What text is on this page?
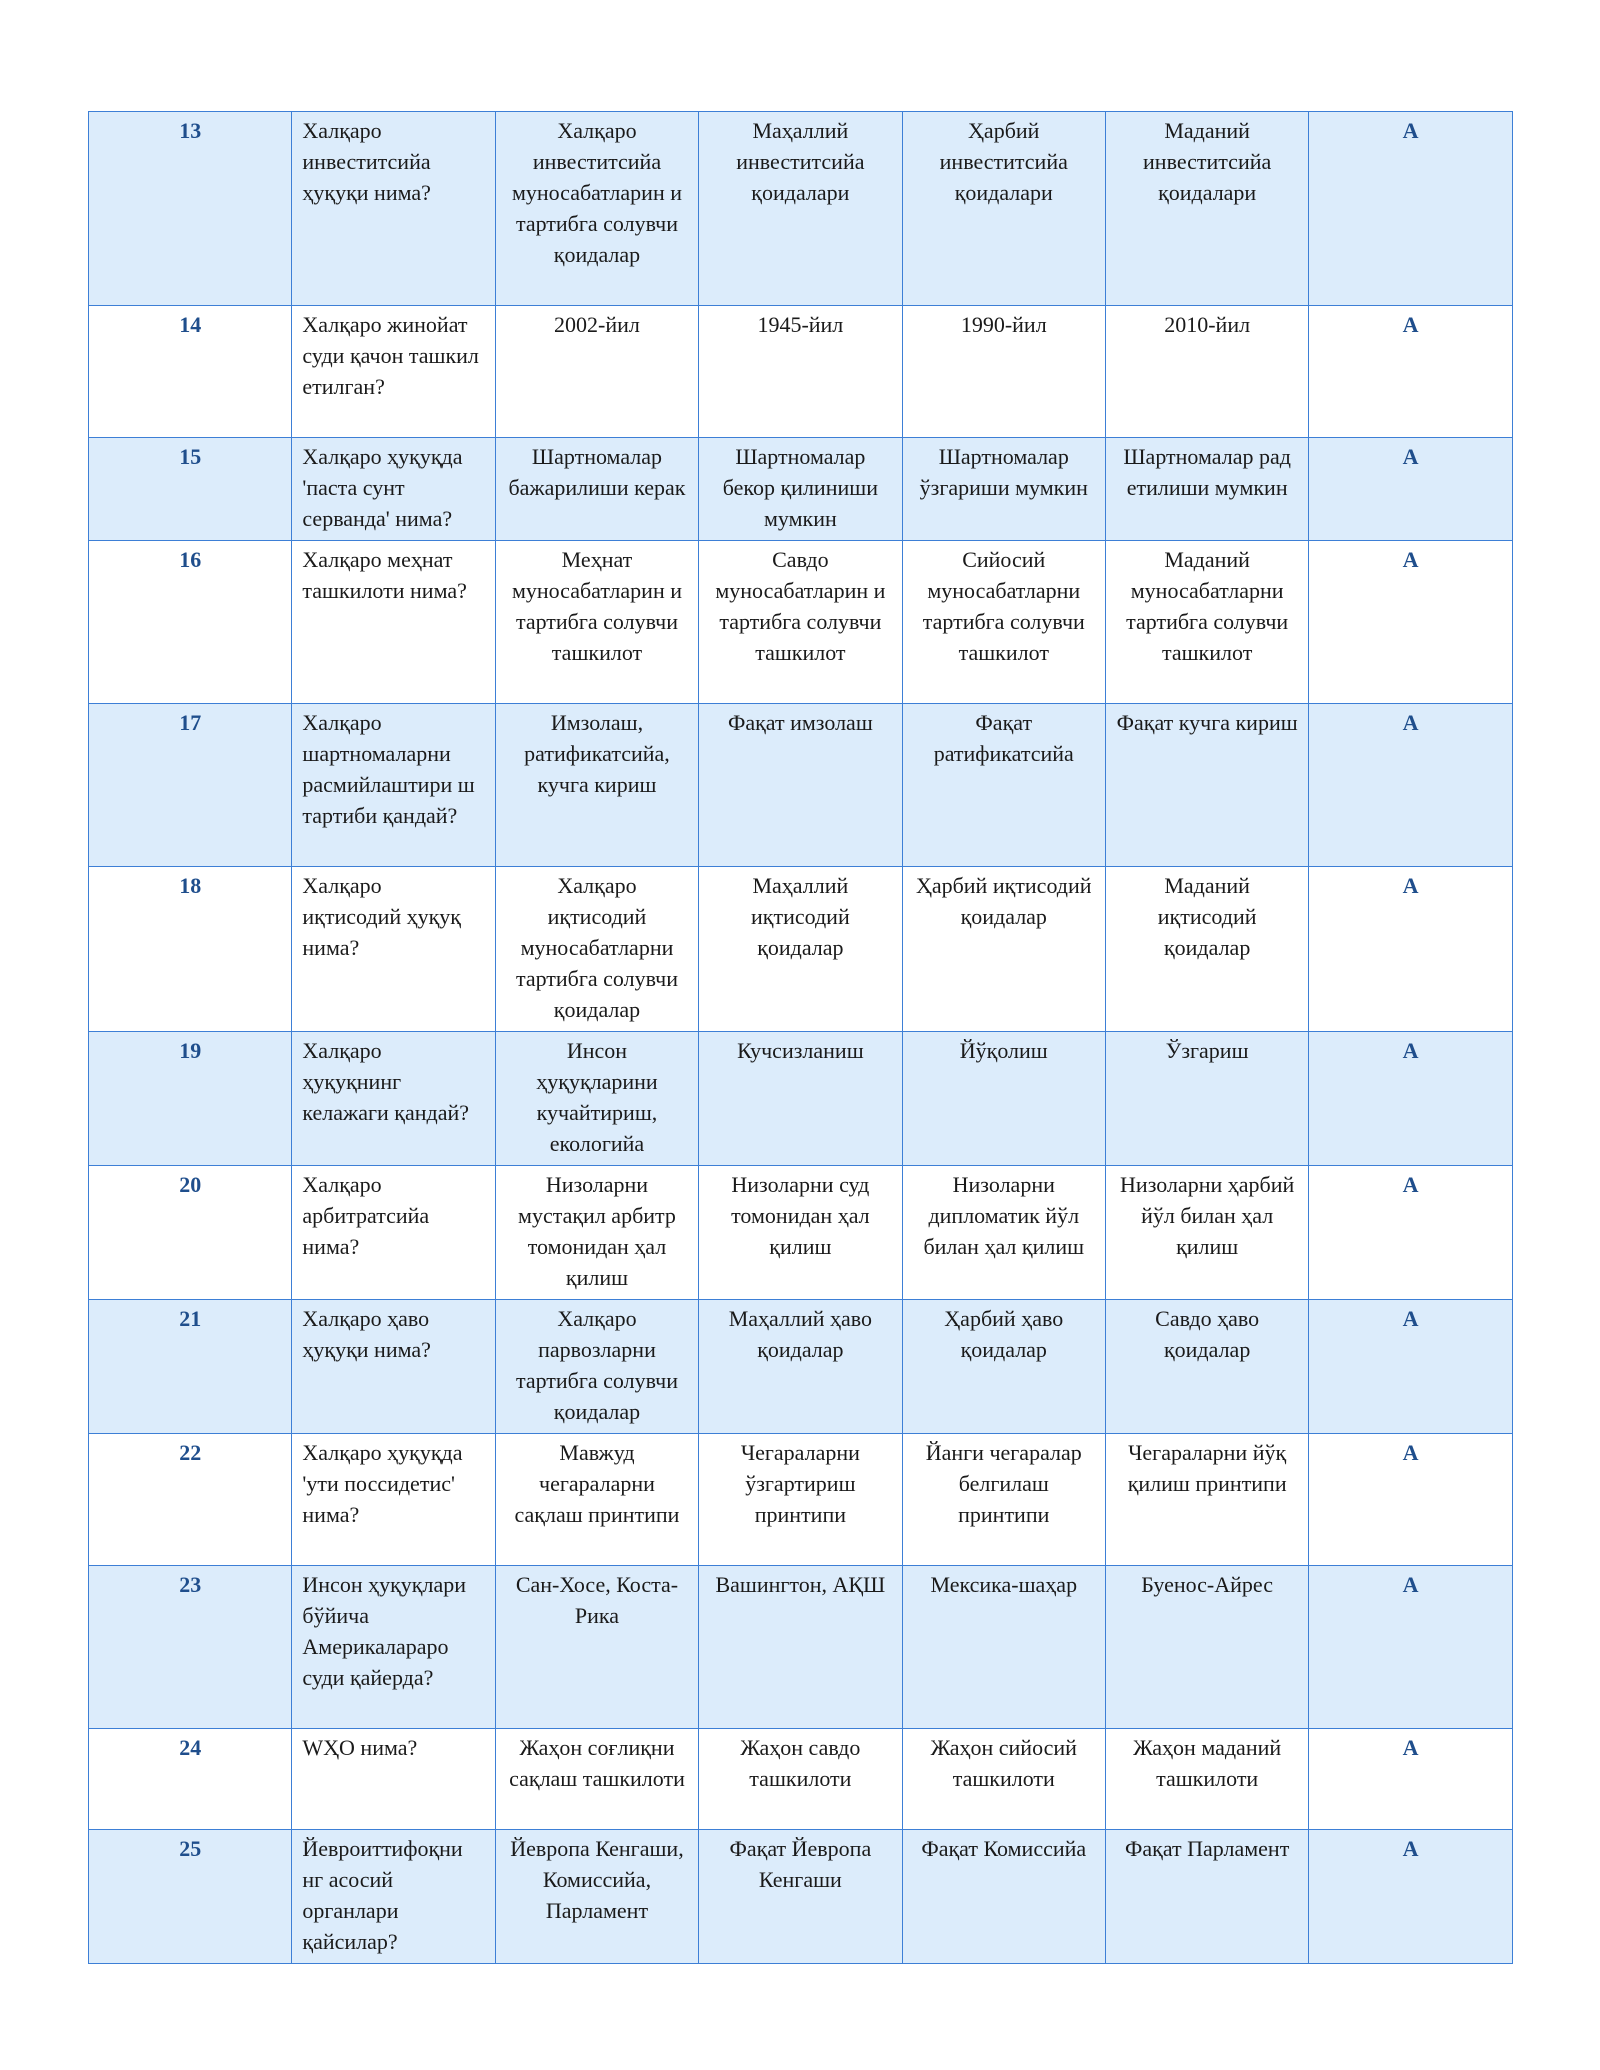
13	Халқаро инвеститсийа ҳуқуқи нима?	Халқаро инвеститсийа муносабатларин и тартибга солувчи қоидалар	Маҳаллий инвеститсийа қоидалари	Ҳарбий инвеститсийа қоидалари	Маданий инвеститсийа қоидалари	A
14	Халқаро жинойат суди қачон ташкил етилган?	2002-йил	1945-йил	1990-йил	2010-йил	A
15	Халқаро ҳуқуқда 'паста сунт серванда' нима?	Шартномалар бажарилиши керак	Шартномалар бекор қилиниши мумкин	Шартномалар ўзгариши мумкин	Шартномалар рад етилиши мумкин	A
16	Халқаро меҳнат ташкилоти нима?	Меҳнат муносабатларин и тартибга солувчи ташкилот	Савдо муносабатларин и тартибга солувчи ташкилот	Сийосий муносабатларни тартибга солувчи ташкилот	Маданий муносабатларни тартибга солувчи ташкилот	A
17	Халқаро шартномаларни расмийлаштири ш тартиби қандай?	Имзолаш, ратификатсийа, кучга кириш	Фақат имзолаш	Фақат ратификатсийа	Фақат кучга кириш	A
18	Халқаро иқтисодий ҳуқуқ нима?	Халқаро иқтисодий муносабатларни тартибга солувчи қоидалар	Маҳаллий иқтисодий қоидалар	Ҳарбий иқтисодий қоидалар	Маданий иқтисодий қоидалар	A
19	Халқаро ҳуқуқнинг келажаги қандай?	Инсон ҳуқуқларини кучайтириш, екологийа	Кучсизланиш	Йўқолиш	Ўзгариш	A
20	Халқаро арбитратсийа нима?	Низоларни мустақил арбитр томонидан ҳал қилиш	Низоларни суд томонидан ҳал қилиш	Низоларни дипломатик йўл билан ҳал қилиш	Низоларни ҳарбий йўл билан ҳал қилиш	A
21	Халқаро ҳаво ҳуқуқи нима?	Халқаро парвозларни тартибга солувчи қоидалар	Маҳаллий ҳаво қоидалар	Ҳарбий ҳаво қоидалар	Савдо ҳаво қоидалар	A
22	Халқаро ҳуқуқда 'ути поссидетис' нима?	Мавжуд чегараларни сақлаш принтипи	Чегараларни ўзгартириш принтипи	Йанги чегаралар белгилаш принтипи	Чегараларни йўқ қилиш принтипи	A
23	Инсон ҳуқуқлари бўйича Америкалараро суди қайерда?	Сан-Хосе, Коста-Рика	Вашингтон, АҚШ	Мексика-шаҳар	Буенос-Айрес	A
24	WҲО нима?	Жаҳон соғлиқни сақлаш ташкилоти	Жаҳон савдо ташкилоти	Жаҳон сийосий ташкилоти	Жаҳон маданий ташкилоти	A
25	Йевроиттифоқни нг асосий органлари қайсилар?	Йевропа Кенгаши, Комиссийа, Парламент	Фақат Йевропа Кенгаши	Фақат Комиссийа	Фақат Парламент	A
